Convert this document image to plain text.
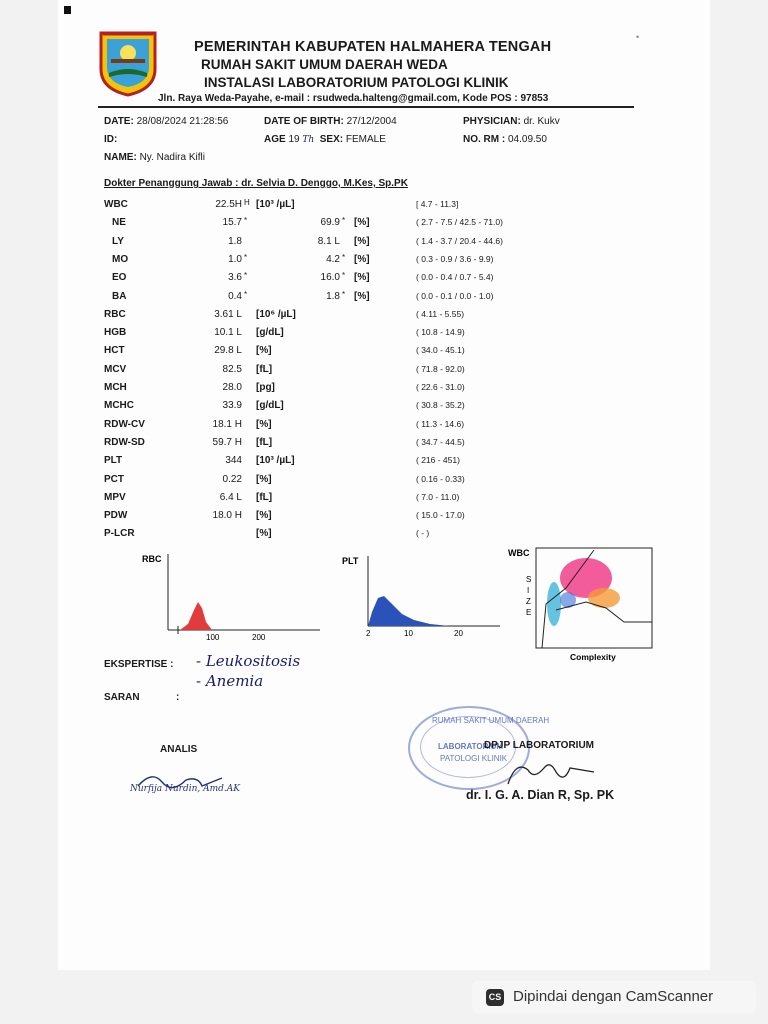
•
PEMERINTAH KABUPATEN HALMAHERA TENGAH
RUMAH SAKIT UMUM DAERAH WEDA
INSTALASI LABORATORIUM PATOLOGI KLINIK
Jln. Raya Weda-Payahe, e-mail : rsudweda.halteng@gmail.com, Kode POS : 97853
DATE: 28/08/2024 21:28:56	DATE OF BIRTH: 27/12/2004	PHYSICIAN: dr. Kukv
ID:	AGE 19 Th SEX: FEMALE	NO. RM : 04.09.50
NAME: Ny. Nadira Kifli
Dokter Penanggung Jawab : dr. Selvia D. Denggo, M.Kes, Sp.PK
WBC	22.5H H [10³ /µL]	[ 4.7 - 11.3]
NE	15.7 *	69.9 * [%]	( 2.7 - 7.5 / 42.5 - 71.0)
LY	1.8	8.1 L [%]	( 1.4 - 3.7 / 20.4 - 44.6)
MO	1.0 *	4.2 * [%]	( 0.3 - 0.9 / 3.6 - 9.9)
EO	3.6 *	16.0 * [%]	( 0.0 - 0.4 / 0.7 - 5.4)
BA	0.4 *	1.8 * [%]	( 0.0 - 0.1 / 0.0 - 1.0)
RBC	3.61 L [10⁶ /µL]	( 4.11 - 5.55)
HGB	10.1 L [g/dL]	( 10.8 - 14.9)
HCT	29.8 L [%]	( 34.0 - 45.1)
MCV	82.5 [fL]	( 71.8 - 92.0)
MCH	28.0 [pg]	( 22.6 - 31.0)
MCHC	33.9 [g/dL]	( 30.8 - 35.2)
RDW-CV	18.1 H [%]	( 11.3 - 14.6)
RDW-SD	59.7 H [fL]	( 34.7 - 44.5)
PLT	344 [10³ /µL]	( 216 - 451)
PCT	0.22 [%]	( 0.16 - 0.33)
MPV	6.4 L [fL]	( 7.0 - 11.0)
PDW	18.0 H [%]	( 15.0 - 17.0)
P-LCR	[%]	( - )
RBC
100	200
PLT
2	10	20
WBC
S
I
Z
E
Complexity
EKSPERTISE : - Leukositosis
- Anemia
SARAN	:
ANALIS
Nurfija Nurdin, Amd.AK
RUMAH SAKIT UMUM DAERAH
LABORATORIUM
PATOLOGI KLINIK
DPJP LABORATORIUM
dr. I. G. A. Dian R, Sp. PK
CS Dipindai dengan CamScanner
